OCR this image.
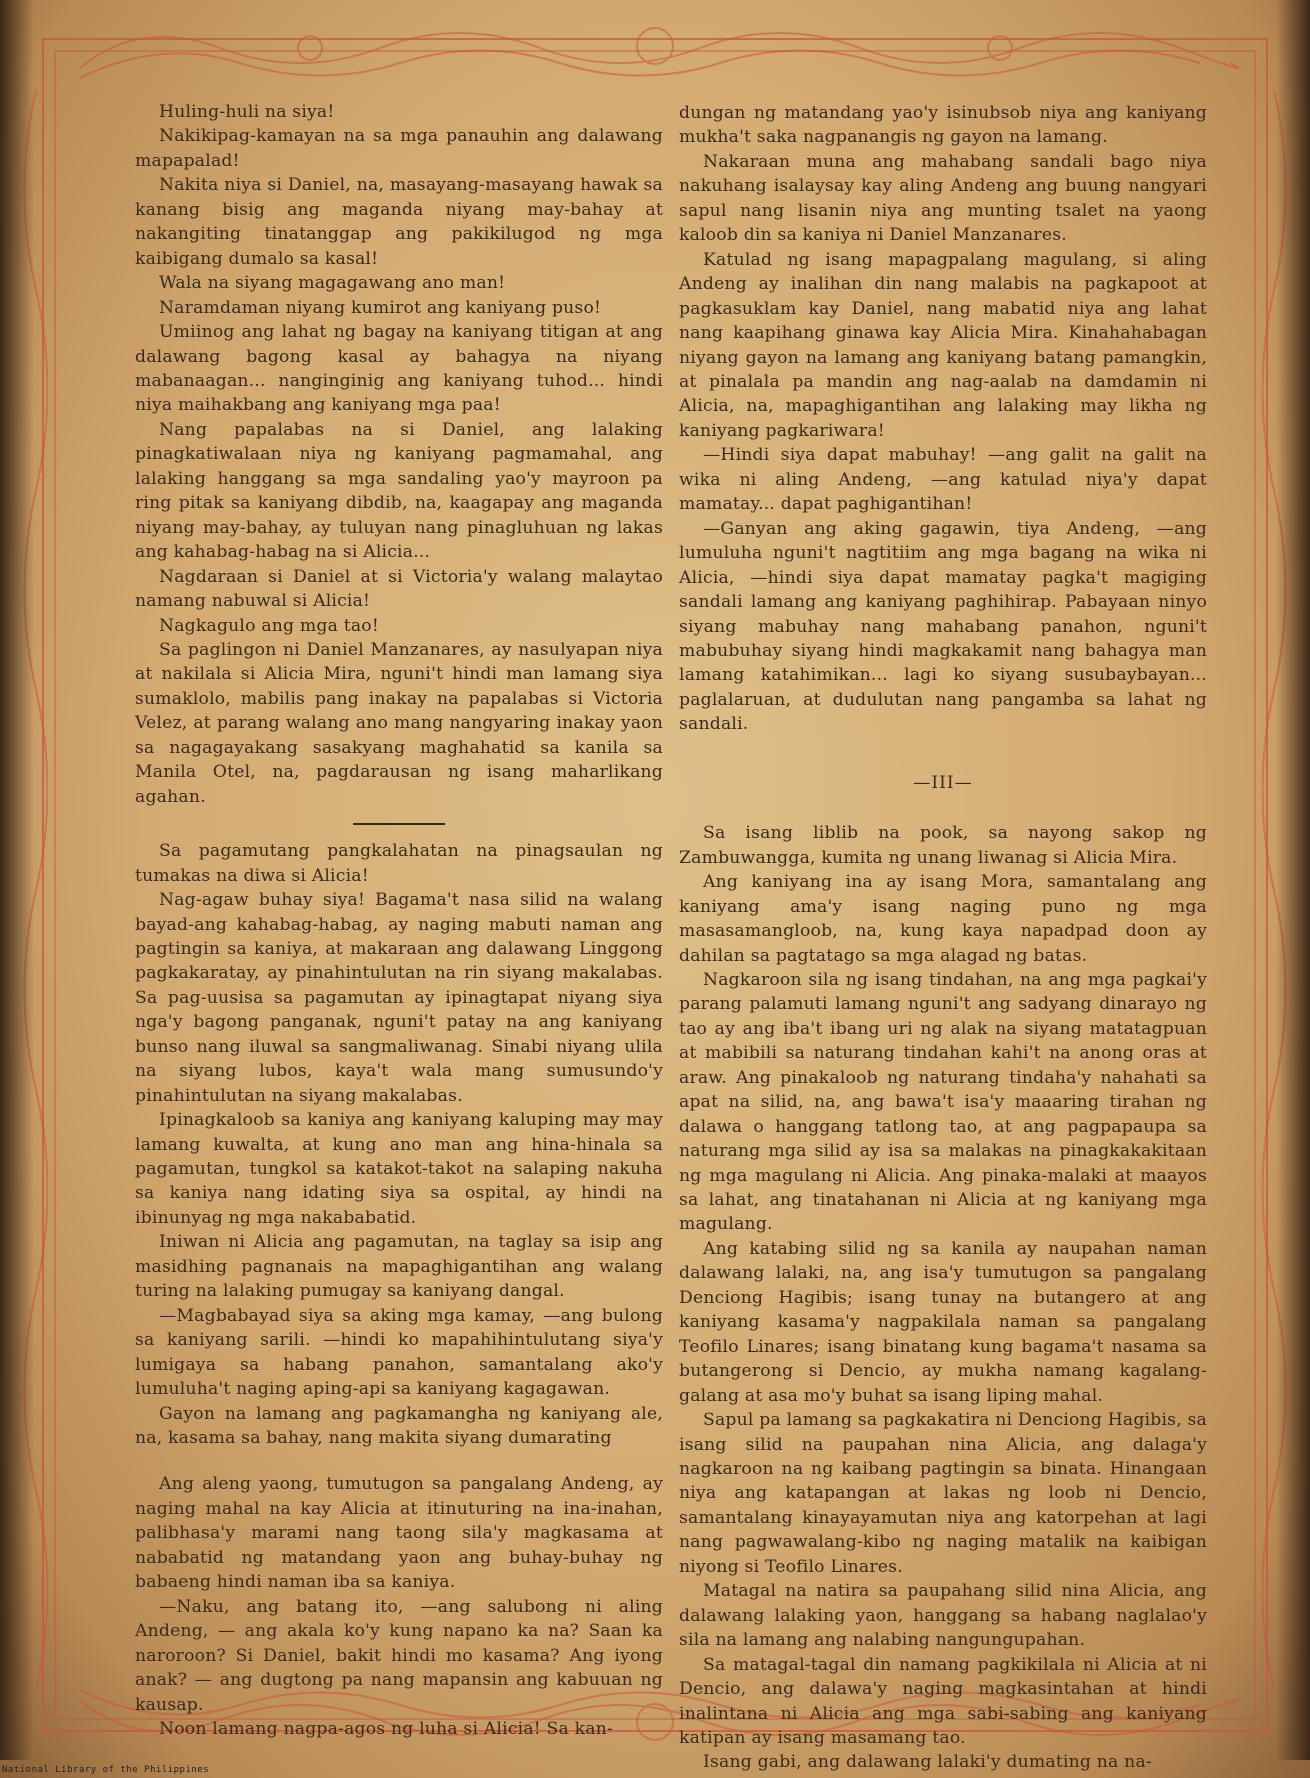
Huling-huli na siya!

Nakikipag-kamayan na sa mga panauhin ang dalawang mapapalad!

Nakita niya si Daniel, na, masayang-masayang hawak sa kanang bisig ang maganda niyang may-bahay at nakangiting tinatanggap ang pakikilugod ng mga kaibigang dumalo sa kasal!

Wala na siyang magagawang ano man!

Naramdaman niyang kumirot ang kaniyang puso!

Umiinog ang lahat ng bagay na kaniyang titigan at ang dalawang bagong kasal ay bahagya na niyang mabanaagan... nanginginig ang kaniyang tuhod... hindi niya maihakbang ang kaniyang mga paa!

Nang papalabas na si Daniel, ang lalaking pinagkatiwalaan niya ng kaniyang pagmamahal, ang lalaking hanggang sa mga sandaling yao'y mayroon pa ring pitak sa kaniyang dibdib, na, kaagapay ang maganda niyang may-bahay, ay tuluyan nang pinagluhuan ng lakas ang kahabag-habag na si Alicia...

Nagdaraan si Daniel at si Victoria'y walang malaytao namang nabuwal si Alicia!

Nagkagulo ang mga tao!

Sa paglingon ni Daniel Manzanares, ay nasulyapan niya at nakilala si Alicia Mira, nguni't hindi man lamang siya sumaklolo, mabilis pang inakay na papalabas si Victoria Velez, at parang walang ano mang nangyaring inakay yaon sa nagagayakang sasakyang maghahatid sa kanila sa Manila Otel, na, pagdarausan ng isang maharlikang agahan.

Sa pagamutang pangkalahatan na pinagsaulan ng tumakas na diwa si Alicia!

Nag-agaw buhay siya! Bagama't nasa silid na walang bayad-ang kahabag-habag, ay naging mabuti naman ang pagtingin sa kaniya, at makaraan ang dalawang Linggong pagkakaratay, ay pinahintulutan na rin siyang makalabas. Sa pag-uusisa sa pagamutan ay ipinagtapat niyang siya nga'y bagong panganak, nguni't patay na ang kaniyang bunso nang iluwal sa sangmaliwanag. Sinabi niyang ulila na siyang lubos, kaya't wala mang sumusundo'y pinahintulutan na siyang makalabas.

Ipinagkaloob sa kaniya ang kaniyang kaluping may may lamang kuwalta, at kung ano man ang hina-hinala sa pagamutan, tungkol sa katakot-takot na salaping nakuha sa kaniya nang idating siya sa ospital, ay hindi na ibinunyag ng mga nakababatid.

Iniwan ni Alicia ang pagamutan, na taglay sa isip ang masidhing pagnanais na mapaghigantihan ang walang turing na lalaking pumugay sa kaniyang dangal.

—Magbabayad siya sa aking mga kamay, —ang bulong sa kaniyang sarili. —hindi ko mapahihintulutang siya'y lumigaya sa habang panahon, samantalang ako'y lumuluha't naging aping-api sa kaniyang kagagawan.

Gayon na lamang ang pagkamangha ng kaniyang ale, na, kasama sa bahay, nang makita siyang dumarating

Ang aleng yaong, tumutugon sa pangalang Andeng, ay naging mahal na kay Alicia at itinuturing na ina-inahan, palibhasa'y marami nang taong sila'y magkasama at nababatid ng matandang yaon ang buhay-buhay ng babaeng hindi naman iba sa kaniya.

—Naku, ang batang ito, —ang salubong ni aling Andeng, — ang akala ko'y kung napano ka na? Saan ka naroroon? Si Daniel, bakit hindi mo kasama? Ang iyong anak? — ang dugtong pa nang mapansin ang kabuuan ng kausap.

Noon lamang nagpa-agos ng luha si Alicia! Sa kan-

dungan ng matandang yao'y isinubsob niya ang kaniyang mukha't saka nagpanangis ng gayon na lamang.

Nakaraan muna ang mahabang sandali bago niya nakuhang isalaysay kay aling Andeng ang buung nangyari sapul nang lisanin niya ang munting tsalet na yaong kaloob din sa kaniya ni Daniel Manzanares.

Katulad ng isang mapagpalang magulang, si aling Andeng ay inalihan din nang malabis na pagkapoot at pagkasuklam kay Daniel, nang mabatid niya ang lahat nang kaapihang ginawa kay Alicia Mira. Kinahahabagan niyang gayon na lamang ang kaniyang batang pamangkin, at pinalala pa mandin ang nag-aalab na damdamin ni Alicia, na, mapaghigantihan ang lalaking may likha ng kaniyang pagkariwara!

—Hindi siya dapat mabuhay! —ang galit na galit na wika ni aling Andeng, —ang katulad niya'y dapat mamatay... dapat paghigantihan!

—Ganyan ang aking gagawin, tiya Andeng, —ang lumuluha nguni't nagtitiim ang mga bagang na wika ni Alicia, —hindi siya dapat mamatay pagka't magiging sandali lamang ang kaniyang paghihirap. Pabayaan ninyo siyang mabuhay nang mahabang panahon, nguni't mabubuhay siyang hindi magkakamit nang bahagya man lamang katahimikan... lagi ko siyang susubaybayan... paglalaruan, at dudulutan nang pangamba sa lahat ng sandali.

—III—

Sa isang liblib na pook, sa nayong sakop ng Zambuwangga, kumita ng unang liwanag si Alicia Mira.

Ang kaniyang ina ay isang Mora, samantalang ang kaniyang ama'y isang naging puno ng mga masasamangloob, na, kung kaya napadpad doon ay dahilan sa pagtatago sa mga alagad ng batas.

Nagkaroon sila ng isang tindahan, na ang mga pagkai'y parang palamuti lamang nguni't ang sadyang dinarayo ng tao ay ang iba't ibang uri ng alak na siyang matatagpuan at mabibili sa naturang tindahan kahi't na anong oras at araw. Ang pinakaloob ng naturang tindaha'y nahahati sa apat na silid, na, ang bawa't isa'y maaaring tirahan ng dalawa o hanggang tatlong tao, at ang pagpapaupa sa naturang mga silid ay isa sa malakas na pinagkakakitaan ng mga magulang ni Alicia. Ang pinaka-malaki at maayos sa lahat, ang tinatahanan ni Alicia at ng kaniyang mga magulang.

Ang katabing silid ng sa kanila ay naupahan naman dalawang lalaki, na, ang isa'y tumutugon sa pangalang Denciong Hagibis; isang tunay na butangero at ang kaniyang kasama'y nagpakilala naman sa pangalang Teofilo Linares; isang binatang kung bagama't nasama sa butangerong si Dencio, ay mukha namang kagalang-galang at asa mo'y buhat sa isang liping mahal.

Sapul pa lamang sa pagkakatira ni Denciong Hagibis, sa isang silid na paupahan nina Alicia, ang dalaga'y nagkaroon na ng kaibang pagtingin sa binata. Hinangaan niya ang katapangan at lakas ng loob ni Dencio, samantalang kinayayamutan niya ang katorpehan at lagi nang pagwawalang-kibo ng naging matalik na kaibigan niyong si Teofilo Linares.

Matagal na natira sa paupahang silid nina Alicia, ang dalawang lalaking yaon, hanggang sa habang naglalao'y sila na lamang ang nalabing nangungupahan.

Sa matagal-tagal din namang pagkikilala ni Alicia at ni Dencio, ang dalawa'y naging magkasintahan at hindi inalintana ni Alicia ang mga sabi-sabing ang kaniyang katipan ay isang masamang tao.

Isang gabi, ang dalawang lalaki'y dumating na na-

National Library of the Philippines
